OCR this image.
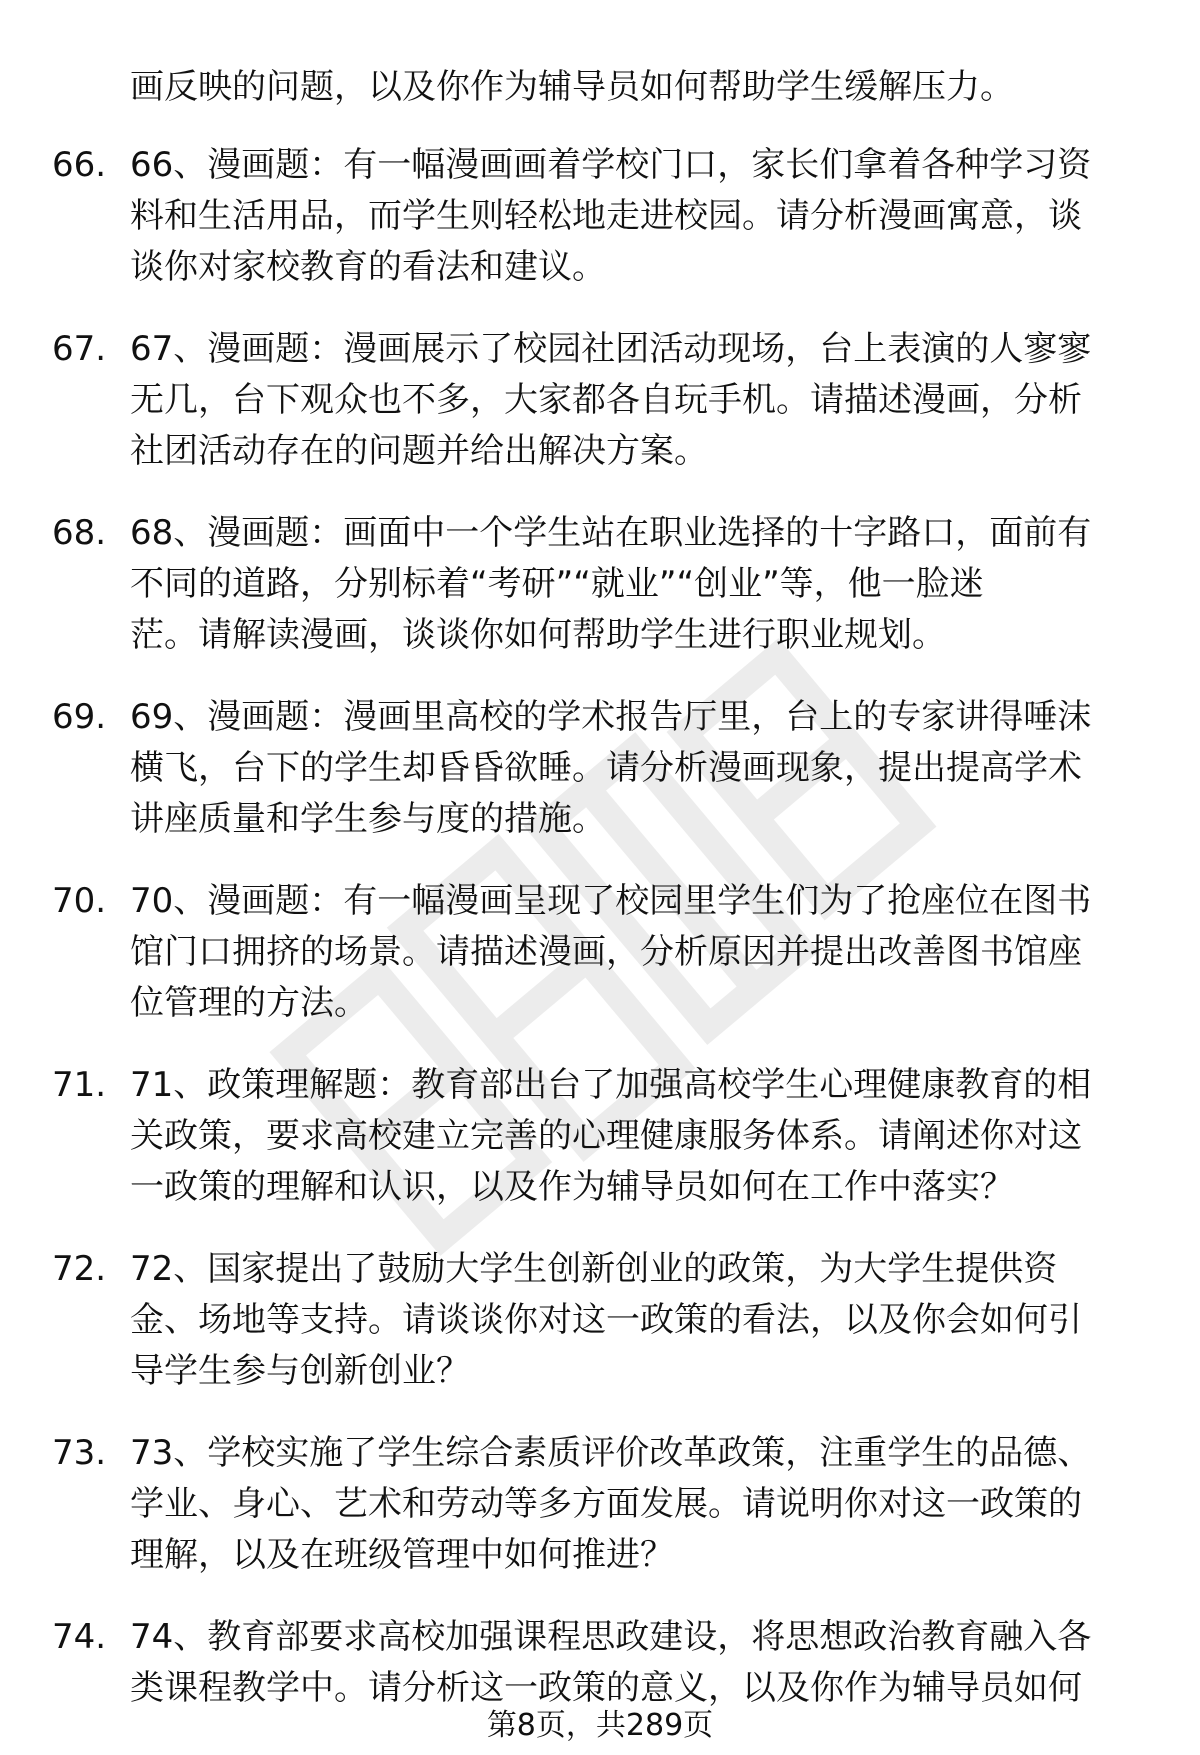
画反映的问题，以及你作为辅导员如何帮助学生缓解压力。
66. 66、漫画题：有一幅漫画画着学校门口，家长们拿着各种学习资
料和生活用品，而学生则轻松地走进校园。请分析漫画寓意，谈
谈你对家校教育的看法和建议。
67. 67、漫画题：漫画展示了校园社团活动现场，台上表演的人寥寥
无几，台下观众也不多，大家都各自玩手机。请描述漫画，分析
社团活动存在的问题并给出解决方案。
68. 68、漫画题：画面中一个学生站在职业选择的十字路口，面前有
不同的道路，分别标着“考研”“就业”“创业”等，他一脸迷
茫。请解读漫画，谈谈你如何帮助学生进行职业规划。
69. 69、漫画题：漫画里高校的学术报告厅里，台上的专家讲得唾沫
横飞，台下的学生却昏昏欲睡。请分析漫画现象，提出提高学术
讲座质量和学生参与度的措施。
70. 70、漫画题：有一幅漫画呈现了校园里学生们为了抢座位在图书
馆门口拥挤的场景。请描述漫画，分析原因并提出改善图书馆座
位管理的方法。
71. 71、政策理解题：教育部出台了加强高校学生心理健康教育的相
关政策，要求高校建立完善的心理健康服务体系。请阐述你对这
一政策的理解和认识，以及作为辅导员如何在工作中落实？
72. 72、国家提出了鼓励大学生创新创业的政策，为大学生提供资
金、场地等支持。请谈谈你对这一政策的看法，以及你会如何引
导学生参与创新创业？
73. 73、学校实施了学生综合素质评价改革政策，注重学生的品德、
学业、身心、艺术和劳动等多方面发展。请说明你对这一政策的
理解，以及在班级管理中如何推进？
74. 74、教育部要求高校加强课程思政建设，将思想政治教育融入各
类课程教学中。请分析这一政策的意义，以及你作为辅导员如何
第8页，共289页
